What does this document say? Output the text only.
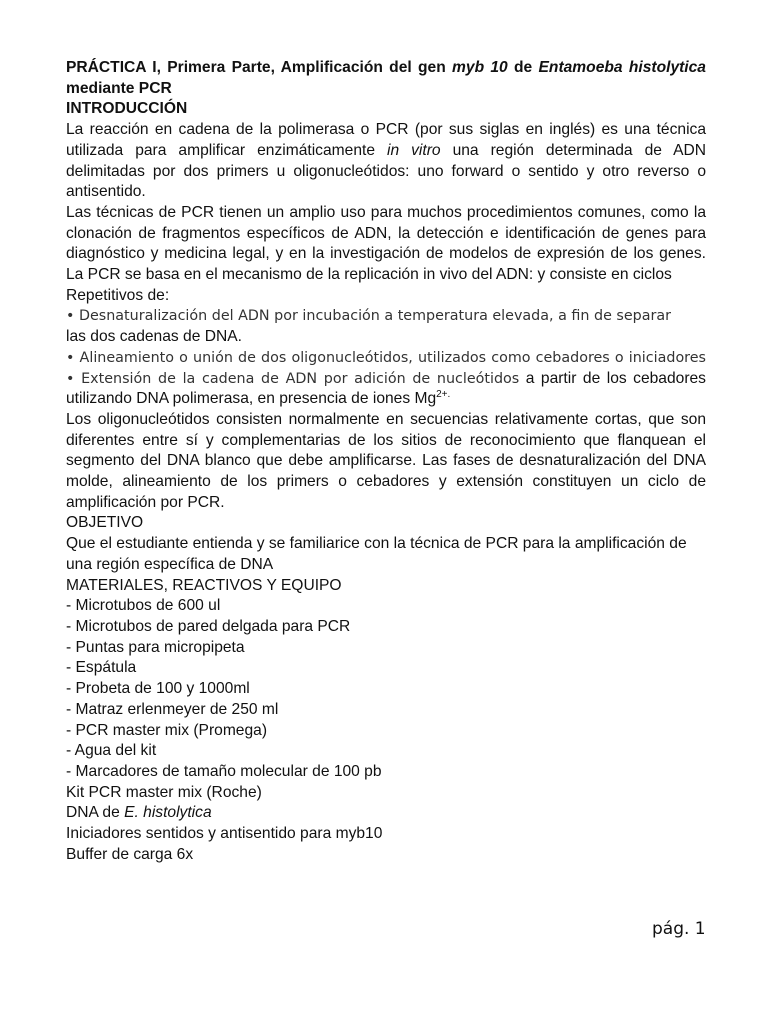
PRÁCTICA I, Primera Parte, Amplificación del gen myb 10 de Entamoeba histolytica mediante PCR
INTRODUCCIÓN
La reacción en cadena de la polimerasa o PCR (por sus siglas en inglés) es una técnica utilizada para amplificar enzimáticamente in vitro una región determinada de ADN delimitadas por dos primers u oligonucleótidos: uno forward o sentido y otro reverso o antisentido.
Las técnicas de PCR tienen un amplio uso para muchos procedimientos comunes, como la clonación de fragmentos específicos de ADN, la detección e identificación de genes para diagnóstico y medicina legal, y en la investigación de modelos de expresión de los genes. La PCR se basa en el mecanismo de la replicación in vivo del ADN: y consiste en ciclos
Repetitivos de:
• Desnaturalización del ADN por incubación a temperatura elevada, a fin de separar
las dos cadenas de DNA.
• Alineamiento o unión de dos oligonucleótidos, utilizados como cebadores o iniciadores • Extensión de la cadena de ADN por adición de nucleótidos a partir de los cebadores utilizando DNA polimerasa, en presencia de iones $Mg^{2+.}$
Los oligonucleótidos consisten normalmente en secuencias relativamente cortas, que son diferentes entre sí y complementarias de los sitios de reconocimiento que flanquean el segmento del DNA blanco que debe amplificarse. Las fases de desnaturalización del DNA molde, alineamiento de los primers o cebadores y extensión constituyen un ciclo de amplificación por PCR.
OBJETIVO
Que el estudiante entienda y se familiarice con la técnica de PCR para la amplificación de una región específica de DNA
MATERIALES, REACTIVOS Y EQUIPO
- Microtubos de 600 ul
- Microtubos de pared delgada para PCR
- Puntas para micropipeta
- Espátula
- Probeta de 100 y 1000ml
- Matraz erlenmeyer de 250 ml
- PCR master mix (Promega)
- Agua del kit
- Marcadores de tamaño molecular de 100 pb
Kit PCR master mix (Roche)
DNA de E. histolytica
Iniciadores sentidos y antisentido para myb10
Buffer de carga 6x
pág. 1
